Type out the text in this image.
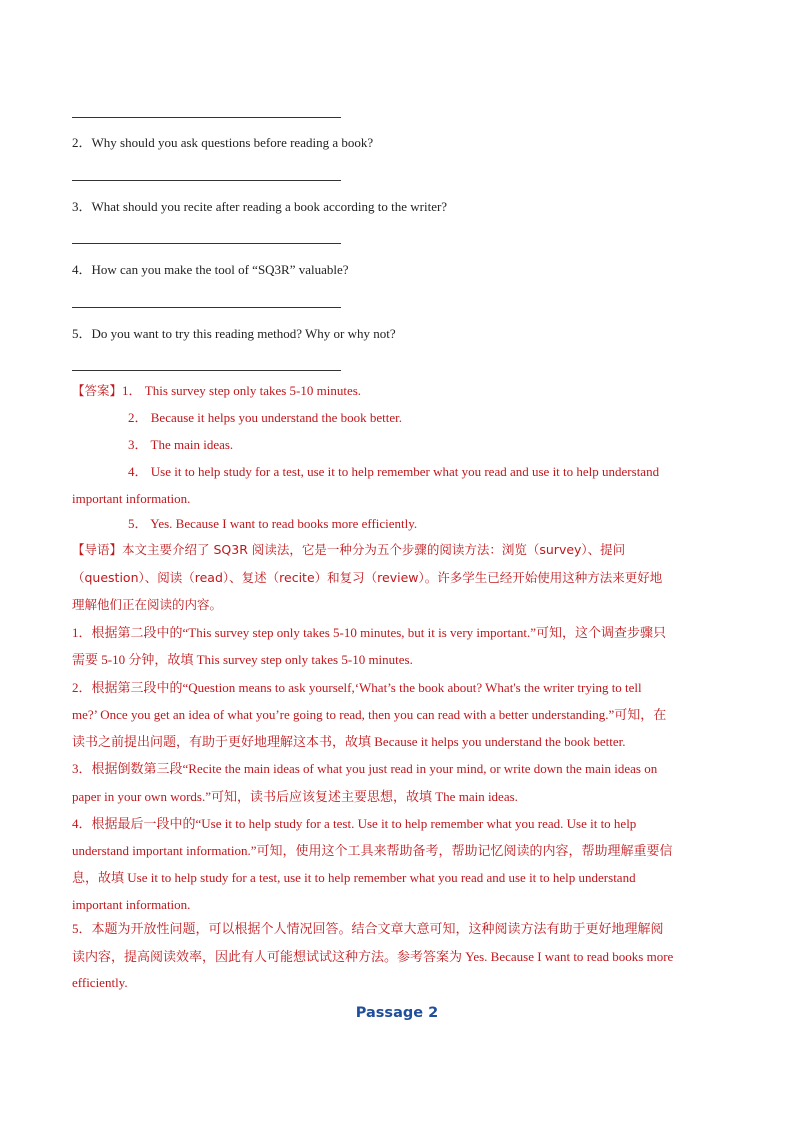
2．Why should you ask questions before reading a book?
3．What should you recite after reading a book according to the writer?
4．How can you make the tool of “SQ3R” valuable?
5．Do you want to try this reading method? Why or why not?
【答案】1． This survey step only takes 5-10 minutes.
2． Because it helps you understand the book better.
3． The main ideas.
4． Use it to help study for a test, use it to help remember what you read and use it to help understand
important information.
5． Yes. Because I want to read books more efficiently.
【导语】本文主要介绍了 SQ3R 阅读法，它是一种分为五个步骤的阅读方法：浏览（survey）、提问
（question）、阅读（read）、复述（recite）和复习（review）。许多学生已经开始使用这种方法来更好地
理解他们正在阅读的内容。
1．根据第二段中的“This survey step only takes 5-10 minutes, but it is very important.”可知，这个调查步骤只
需要 5-10 分钟，故填 This survey step only takes 5-10 minutes.
2．根据第三段中的“Question means to ask yourself,‘What’s the book about? What's the writer trying to tell
me?’ Once you get an idea of what you’re going to read, then you can read with a better understanding.”可知，在
读书之前提出问题，有助于更好地理解这本书，故填 Because it helps you understand the book better.
3．根据倒数第三段“Recite the main ideas of what you just read in your mind, or write down the main ideas on
paper in your own words.”可知，读书后应该复述主要思想，故填 The main ideas.
4．根据最后一段中的“Use it to help study for a test. Use it to help remember what you read. Use it to help
understand important information.”可知，使用这个工具来帮助备考，帮助记忆阅读的内容，帮助理解重要信
息，故填 Use it to help study for a test, use it to help remember what you read and use it to help understand
important information.
5．本题为开放性问题，可以根据个人情况回答。结合文章大意可知，这种阅读方法有助于更好地理解阅
读内容，提高阅读效率，因此有人可能想试试这种方法。参考答案为 Yes. Because I want to read books more
efficiently.
Passage 2
